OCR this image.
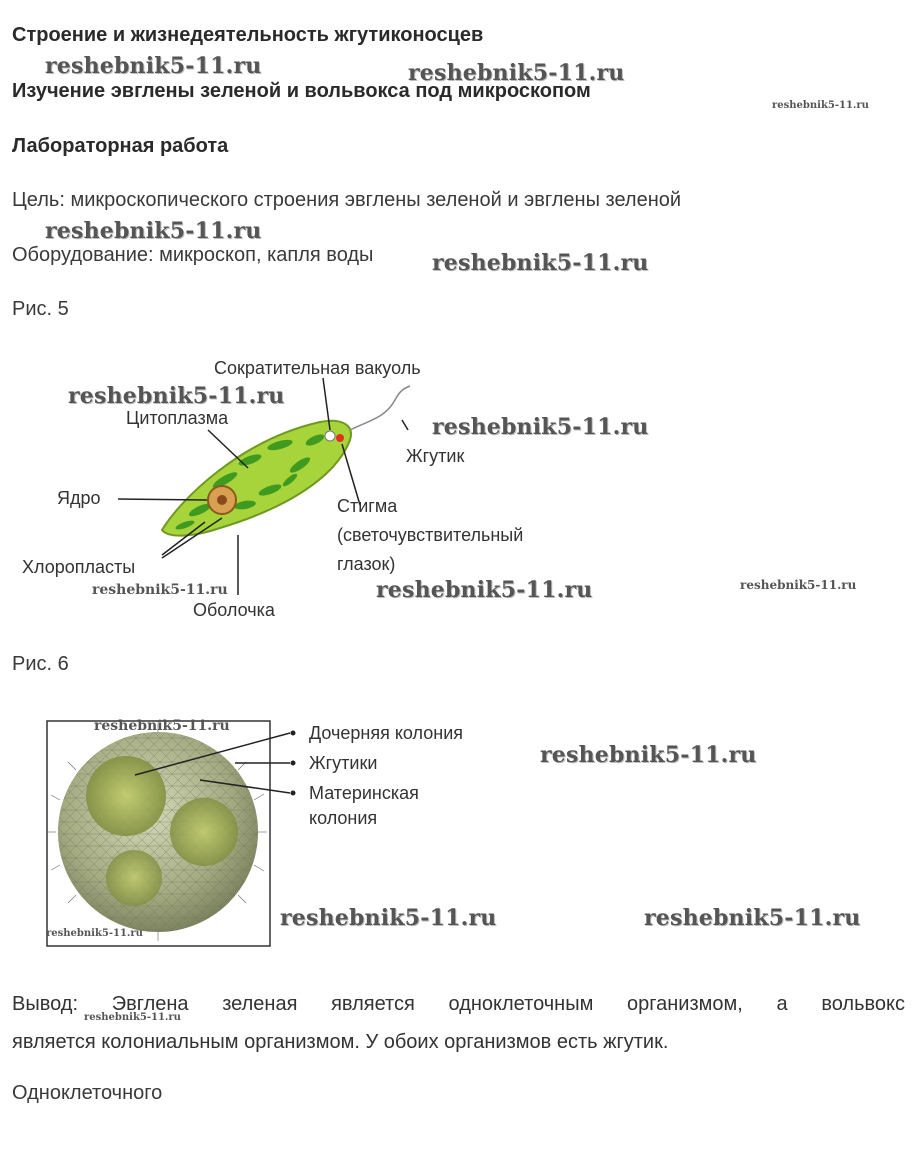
Строение и жизнедеятельность жгутиконосцев
Изучение эвглены зеленой и вольвокса под микроскопом
Лабораторная работа
Цель: микроскопического строения эвглены зеленой и эвглены зеленой
Оборудование: микроскоп, капля воды
Рис. 5
Сократительная вакуоль
Цитоплазма
Жгутик
Ядро	Стигма
(светочувствительный
глазок)
Хлоропласты
Оболочка
Рис. 6
Дочерняя колония
Жгутики
Материнская
колония
Вывод: Эвглена зеленая является одноклеточным организмом, а вольвокс
является колониальным организмом. У обоих организмов есть жгутик.
Одноклеточного
reshebnik5-11.ru	reshebnik5-11.ru
reshebnik5-11.ru
reshebnik5-11.ru
reshebnik5-11.ru
reshebnik5-11.ru
reshebnik5-11.ru
reshebnik5-11.ru
reshebnik5-11.ru	reshebnik5-11.ru
reshebnik5-11.ru
reshebnik5-11.ru
reshebnik5-11.ru	reshebnik5-11.ru
reshebnik5-11.ru
reshebnik5-11.ru
